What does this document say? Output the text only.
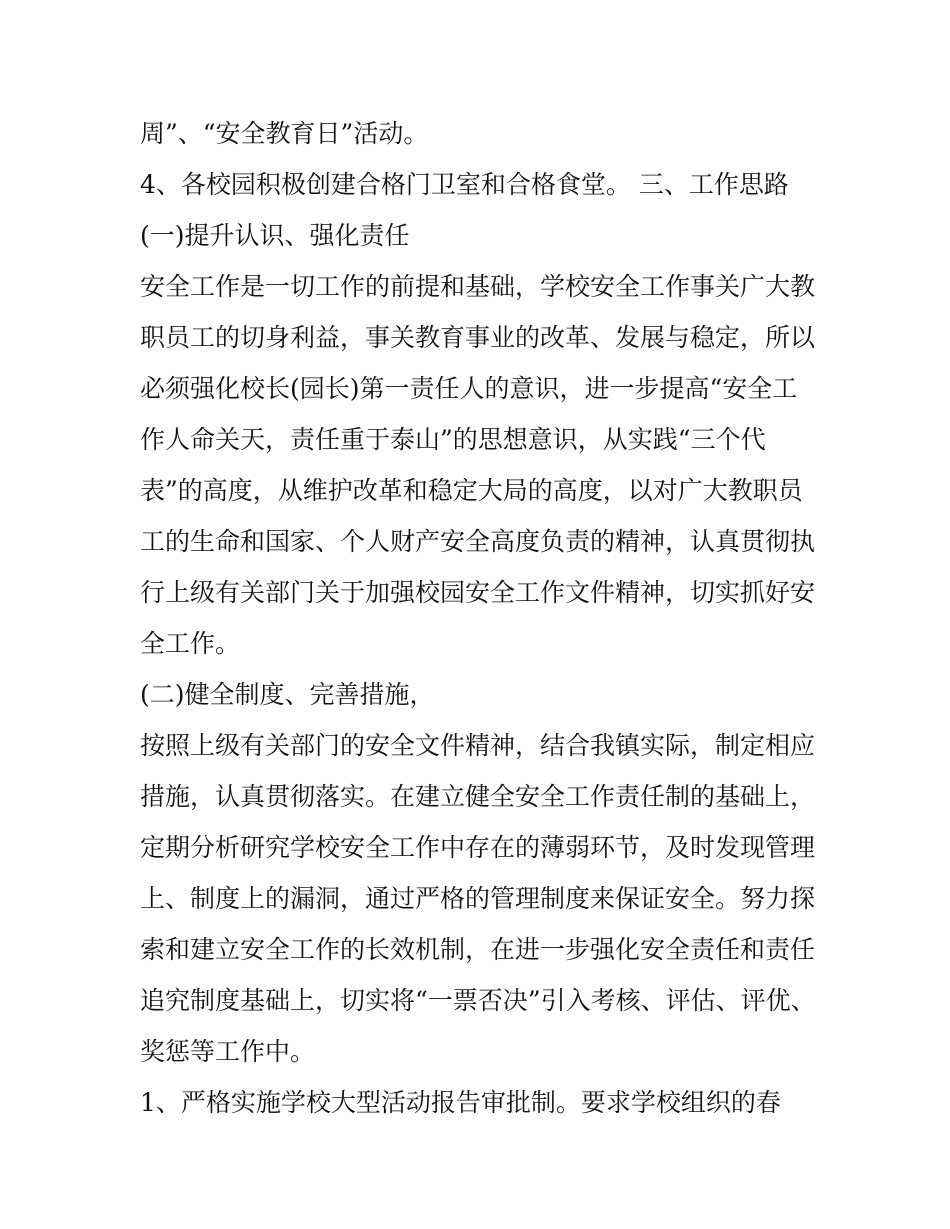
周”、“安全教育日”活动。
4、各校园积极创建合格门卫室和合格食堂。 三、工作思路
(一)提升认识、强化责任
安全工作是一切工作的前提和基础，学校安全工作事关广大教
职员工的切身利益，事关教育事业的改革、发展与稳定，所以
必须强化校长(园长)第一责任人的意识，进一步提高“安全工
作人命关天，责任重于泰山”的思想意识，从实践“三个代
表”的高度，从维护改革和稳定大局的高度，以对广大教职员
工的生命和国家、个人财产安全高度负责的精神，认真贯彻执
行上级有关部门关于加强校园安全工作文件精神，切实抓好安
全工作。
(二)健全制度、完善措施，
按照上级有关部门的安全文件精神，结合我镇实际，制定相应
措施，认真贯彻落实。在建立健全安全工作责任制的基础上，
定期分析研究学校安全工作中存在的薄弱环节，及时发现管理
上、制度上的漏洞，通过严格的管理制度来保证安全。努力探
索和建立安全工作的长效机制，在进一步强化安全责任和责任
追究制度基础上，切实将“一票否决”引入考核、评估、评优、
奖惩等工作中。
1、严格实施学校大型活动报告审批制。要求学校组织的春
